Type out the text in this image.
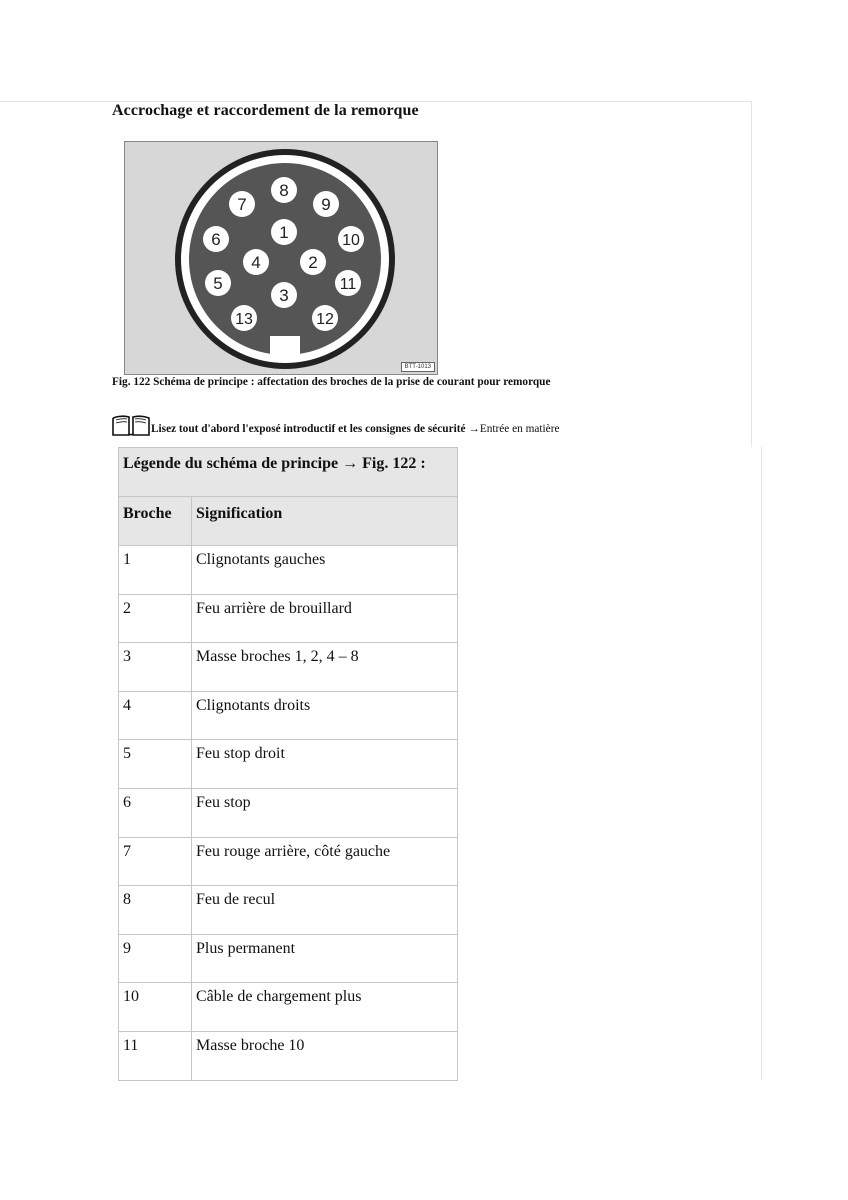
Accrochage et raccordement de la remorque
1
2
3
4
5
6
7
8
9
10
11
12
13
BTT-1013
Fig. 122 Schéma de principe : affectation des broches de la prise de courant pour remorque
Lisez tout d'abord l'exposé introductif et les consignes de sécurité →Entrée en matière
Légende du schéma de principe → Fig. 122 :	
Broche	Signification
1	Clignotants gauches
2	Feu arrière de brouillard
3	Masse broches 1, 2, 4 – 8
4	Clignotants droits
5	Feu stop droit
6	Feu stop
7	Feu rouge arrière, côté gauche
8	Feu de recul
9	Plus permanent
10	Câble de chargement plus
11	Masse broche 10
